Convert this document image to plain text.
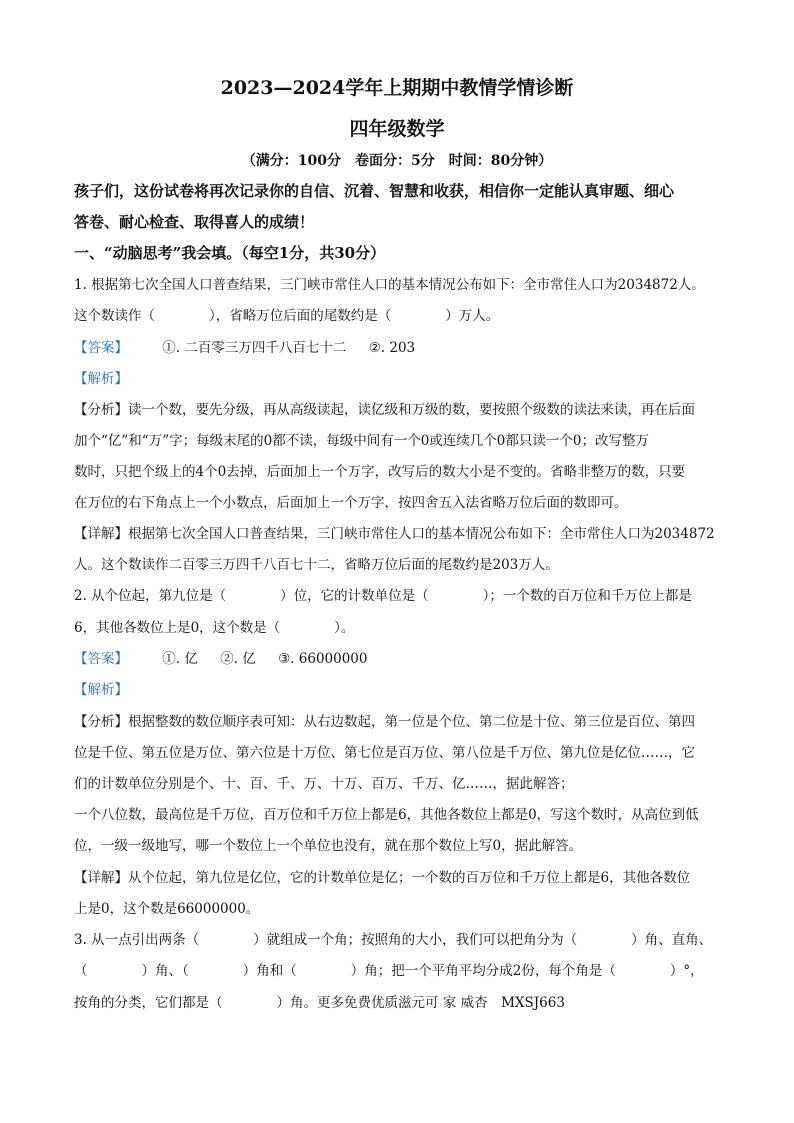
2023—2024学年上期期中教情学情诊断
四年级数学
（满分：100分　卷面分：5分　时间：80分钟）
孩子们，这份试卷将再次记录你的自信、沉着、智慧和收获，相信你一定能认真审题、细心
答卷、耐心检查、取得喜人的成绩！
一、“动脑思考”我会填。（每空1分，共30分）
1. 根据第七次全国人口普查结果，三门峡市常住人口的基本情况公布如下：全市常住人口为2034872人。
这个数读作（　　　　），省略万位后面的尾数约是（　　　　）万人。
【答案】	①. 二百零三万四千八百七十二 ②. 203
【解析】
【分析】读一个数，要先分级，再从高级读起，读亿级和万级的数，要按照个级数的读法来读，再在后面
加个“亿”和“万”字；每级末尾的0都不读，每级中间有一个0或连续几个0都只读一个0；改写整万
数时，只把个级上的4个0去掉，后面加上一个万字，改写后的数大小是不变的。省略非整万的数，只要
在万位的右下角点上一个小数点，后面加上一个万字，按四舍五入法省略万位后面的数即可。
【详解】根据第七次全国人口普查结果，三门峡市常住人口的基本情况公布如下：全市常住人口为2034872
人。这个数读作二百零三万四千八百七十二，省略万位后面的尾数约是203万人。
2. 从个位起，第九位是（　　　　）位，它的计数单位是（　　　　）；一个数的百万位和千万位上都是
6，其他各数位上是0，这个数是（　　　　）。
【答案】	①. 亿 ②. 亿 ③. 66000000
【解析】
【分析】根据整数的数位顺序表可知：从右边数起，第一位是个位、第二位是十位、第三位是百位、第四
位是千位、第五位是万位、第六位是十万位、第七位是百万位、第八位是千万位、第九位是亿位……，它
们的计数单位分别是个、十、百、千、万、十万、百万、千万、亿……，据此解答；
一个八位数，最高位是千万位，百万位和千万位上都是6，其他各数位上都是0，写这个数时，从高位到低
位，一级一级地写，哪一个数位上一个单位也没有，就在那个数位上写0，据此解答。
【详解】从个位起，第九位是亿位，它的计数单位是亿；一个数的百万位和千万位上都是6，其他各数位
上是0，这个数是66000000。
3. 从一点引出两条（　　　　）就组成一个角；按照角的大小，我们可以把角分为（　　　　）角、直角、
（　　　　）角、（　　　　）角和（　　　　）角；把一个平角平均分成2份，每个角是（　　　　）°，
按角的分类，它们都是（　　　　）角。更多免费优质滋元可 家 威杏　MXSJ663
